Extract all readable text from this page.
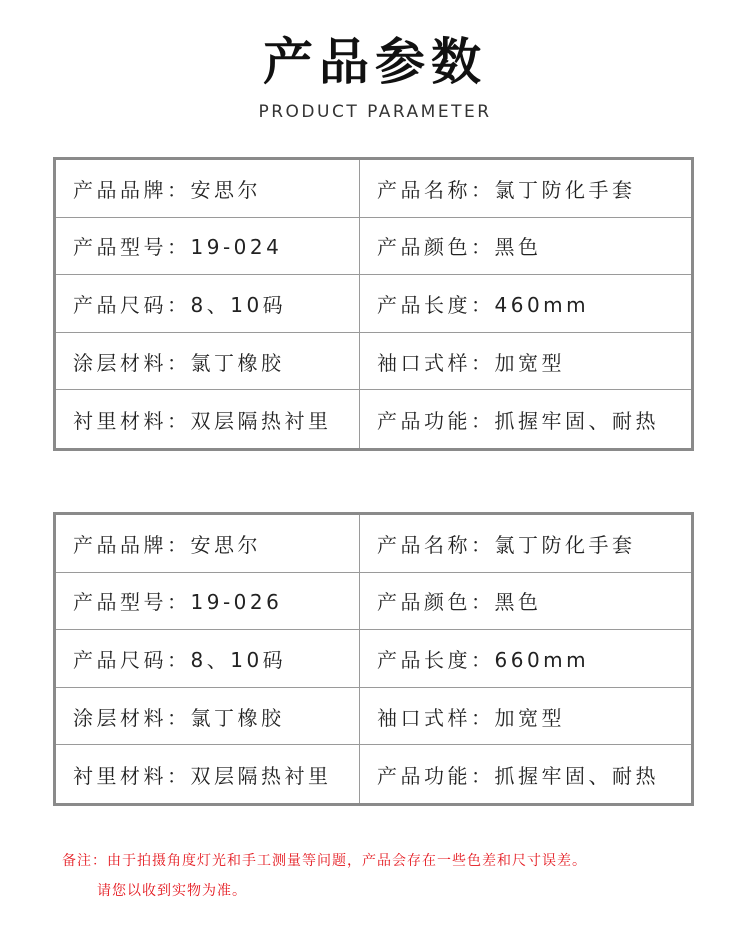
产品参数
PRODUCT PARAMETER
产品品牌：安思尔	产品名称：氯丁防化手套
产品型号：19-024	产品颜色：黑色
产品尺码：8、10码	产品长度：460mm
涂层材料：氯丁橡胶	袖口式样：加宽型
衬里材料：双层隔热衬里	产品功能：抓握牢固、耐热
产品品牌：安思尔	产品名称：氯丁防化手套
产品型号：19-026	产品颜色：黑色
产品尺码：8、10码	产品长度：660mm
涂层材料：氯丁橡胶	袖口式样：加宽型
衬里材料：双层隔热衬里	产品功能：抓握牢固、耐热
备注：由于拍摄角度灯光和手工测量等问题，产品会存在一些色差和尺寸误差。
请您以收到实物为准。
